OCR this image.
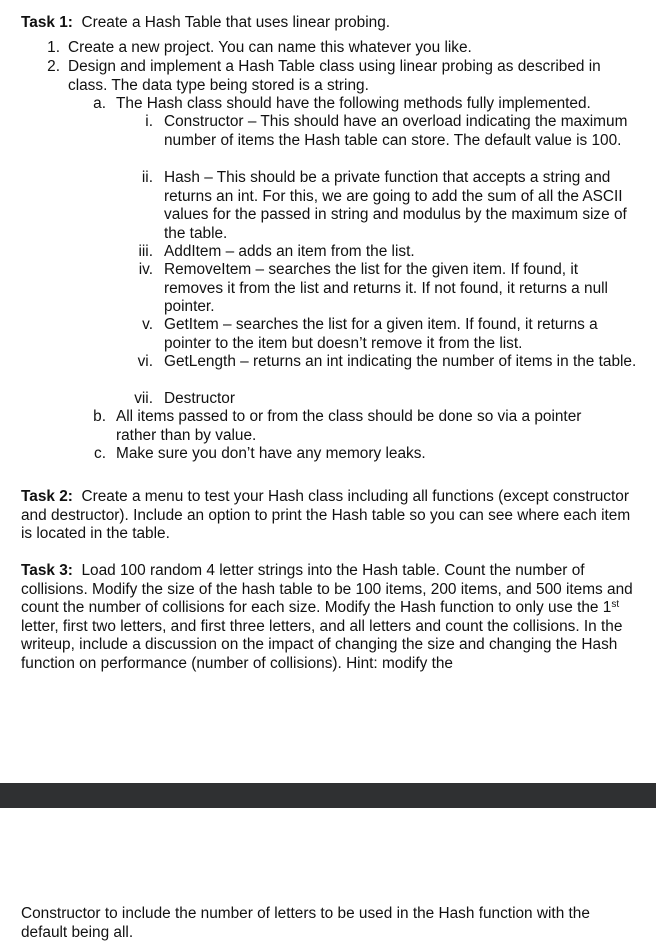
Task 1: Create a Hash Table that uses linear probing.
1. Create a new project. You can name this whatever you like.
2. Design and implement a Hash Table class using linear probing as described in class. The data type being stored is a string.
a. The Hash class should have the following methods fully implemented.
i. Constructor – This should have an overload indicating the maximum number of items the Hash table can store. The default value is 100.
ii. Hash – This should be a private function that accepts a string and returns an int. For this, we are going to add the sum of all the ASCII values for the passed in string and modulus by the maximum size of the table.
iii. AddItem – adds an item from the list.
iv. RemoveItem – searches the list for the given item. If found, it removes it from the list and returns it. If not found, it returns a null pointer.
v. GetItem – searches the list for a given item. If found, it returns a pointer to the item but doesn’t remove it from the list.
vi. GetLength – returns an int indicating the number of items in the table.
vii. Destructor
b. All items passed to or from the class should be done so via a pointer rather than by value.
c. Make sure you don’t have any memory leaks.
Task 2: Create a menu to test your Hash class including all functions (except constructor and destructor). Include an option to print the Hash table so you can see where each item is located in the table.
Task 3: Load 100 random 4 letter strings into the Hash table. Count the number of collisions. Modify the size of the hash table to be 100 items, 200 items, and 500 items and count the number of collisions for each size. Modify the Hash function to only use the 1st letter, first two letters, and first three letters, and all letters and count the collisions. In the writeup, include a discussion on the impact of changing the size and changing the Hash function on performance (number of collisions). Hint: modify the
Constructor to include the number of letters to be used in the Hash function with the default being all.
